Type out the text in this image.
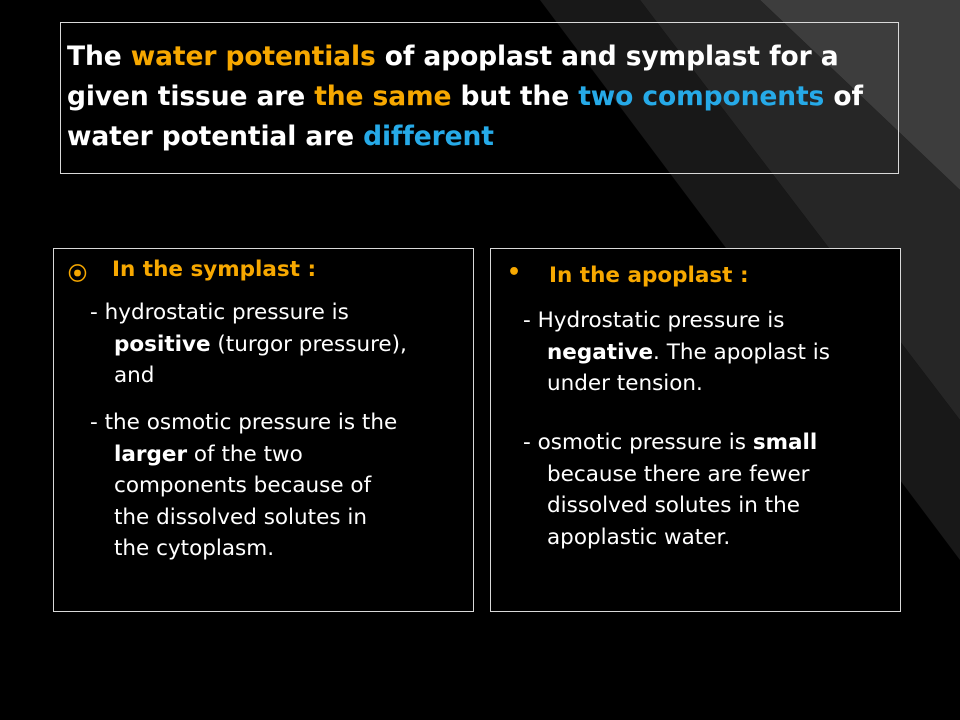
The water potentials of apoplast and symplast for a given tissue are the same but the two components of water potential are different
⦿ In the symplast :
- hydrostatic pressure is
positive (turgor pressure),
and
- the osmotic pressure is the
larger of the two
components because of
the dissolved solutes in
the cytoplasm.
• In the apoplast :
- Hydrostatic pressure is
negative. The apoplast is
under tension.
- osmotic pressure is small
because there are fewer
dissolved solutes in the
apoplastic water.
